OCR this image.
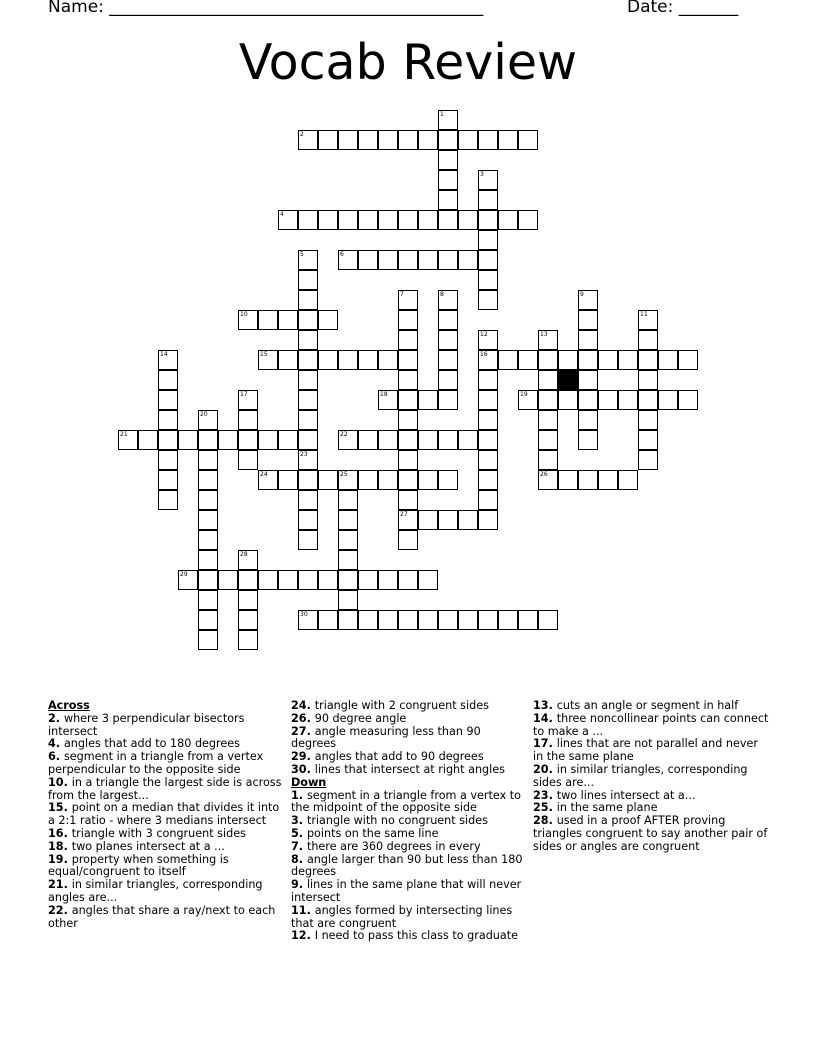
Name: ____________________________________________	Date: _______
Vocab Review
1
2
3
4
5	6
7
27
8	9
10	11
12
16
13
14	15
17	18	19
20
21	22
23
24	25	26
28
29
30

Across

2. where 3 perpendicular bisectors intersect

4. angles that add to 180 degrees

6. segment in a triangle from a vertex perpendicular to the opposite side

10. in a triangle the largest side is across from the largest...

15. point on a median that divides it into a 2:1 ratio - where 3 medians intersect

16. triangle with 3 congruent sides

18. two planes intersect at a ...

19. property when something is equal/congruent to itself

21. in similar triangles, corresponding angles are...

22. angles that share a ray/next to each other

24. triangle with 2 congruent sides

26. 90 degree angle

27. angle measuring less than 90 degrees

29. angles that add to 90 degrees

30. lines that intersect at right angles

Down

1. segment in a triangle from a vertex to the midpoint of the opposite side

3. triangle with no congruent sides

5. points on the same line

7. there are 360 degrees in every

8. angle larger than 90 but less than 180 degrees

9. lines in the same plane that will never intersect

11. angles formed by intersecting lines that are congruent

12. I need to pass this class to graduate

13. cuts an angle or segment in half

14. three noncollinear points can connect to make a ...

17. lines that are not parallel and never in the same plane

20. in similar triangles, corresponding sides are...

23. two lines intersect at a...

25. in the same plane

28. used in a proof AFTER proving triangles congruent to say another pair of sides or angles are congruent
